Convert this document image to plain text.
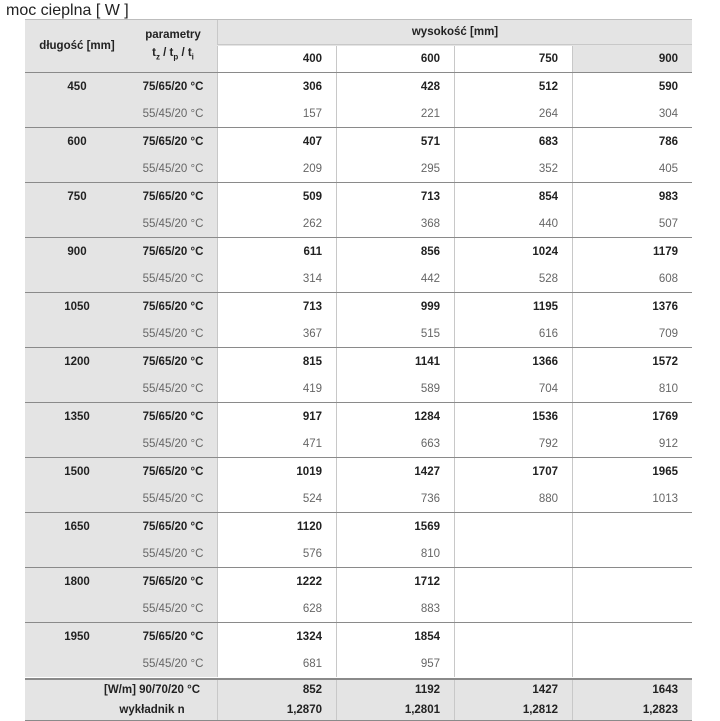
moc cieplna [ W ]
długość [mm]
parametry
$t_z / t_p / t_i$
wysokość [mm]
400	600	750	900
450	75/65/20 °C	306	428	512	590
55/45/20 °C	157	221	264	304
600	75/65/20 °C	407	571	683	786
55/45/20 °C	209	295	352	405
750	75/65/20 °C	509	713	854	983
55/45/20 °C	262	368	440	507
900	75/65/20 °C	611	856	1024	1179
55/45/20 °C	314	442	528	608
1050	75/65/20 °C	713	999	1195	1376
55/45/20 °C	367	515	616	709
1200	75/65/20 °C	815	1141	1366	1572
55/45/20 °C	419	589	704	810
1350	75/65/20 °C	917	1284	1536	1769
55/45/20 °C	471	663	792	912
1500	75/65/20 °C	1019	1427	1707	1965
55/45/20 °C	524	736	880	1013
1650	75/65/20 °C	1120	1569
55/45/20 °C	576	810
1800	75/65/20 °C	1222	1712
55/45/20 °C	628	883
1950	75/65/20 °C	1324	1854
55/45/20 °C	681	957
[W/m] 90/70/20 °C	852	1192	1427	1643
wykładnik n	1,2870	1,2801	1,2812	1,2823
